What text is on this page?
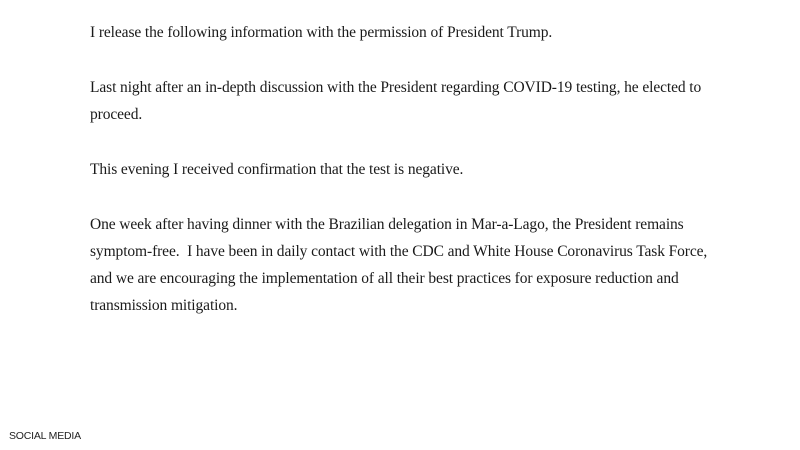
I release the following information with the permission of President Trump.

Last night after an in-depth discussion with the President regarding COVID-19 testing, he elected to proceed.

This evening I received confirmation that the test is negative.

One week after having dinner with the Brazilian delegation in Mar-a-Lago, the President remains symptom-free.  I have been in daily contact with the CDC and White House Coronavirus Task Force, and we are encouraging the implementation of all their best practices for exposure reduction and transmission mitigation.

SOCIAL MEDIA
